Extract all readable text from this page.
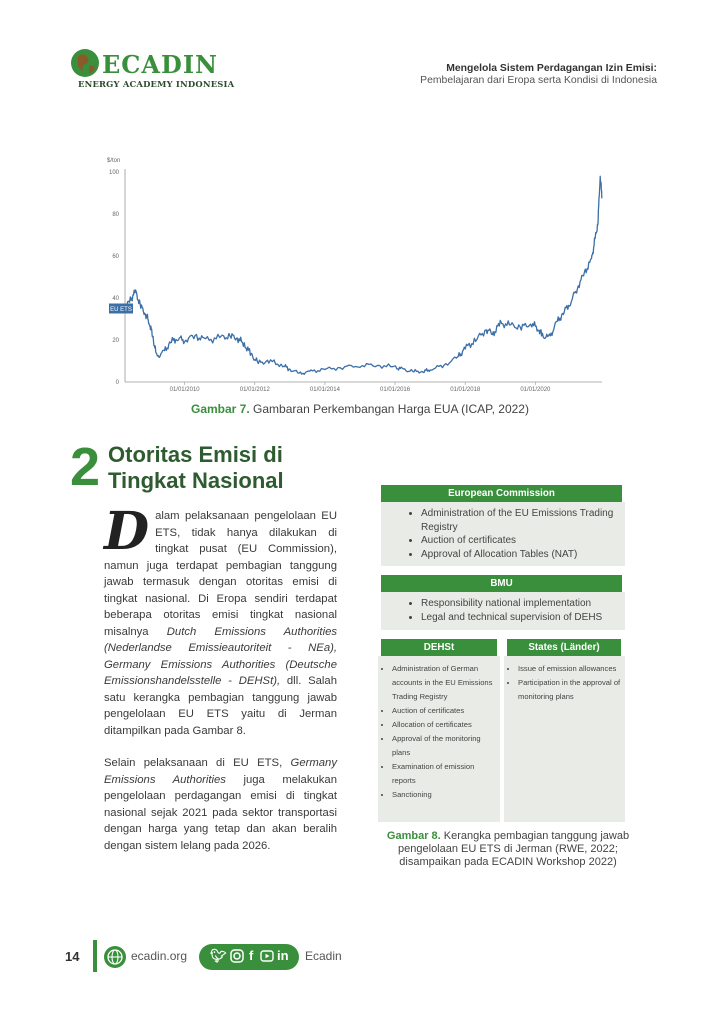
ECADIN
ENERGY ACADEMY INDONESIA
Mengelola Sistem Perdagangan Izin Emisi:
Pembelajaran dari Eropa serta Kondisi di Indonesia
$/ton
0
20
40
60
80
100
01/01/2010	01/01/2012	01/01/2014	01/01/2016	01/01/2018	01/01/2020
EU ETS
Gambar 7. Gambaran Perkembangan Harga EUA (ICAP, 2022)
2 Otoritas Emisi di
Tingkat Nasional

Dalam pelaksanaan pengelolaan EU ETS, tidak hanya dilakukan di tingkat pusat (EU Commission), namun juga terdapat pembagian tanggung jawab termasuk dengan otoritas emisi di tingkat nasional. Di Eropa sendiri terdapat beberapa otoritas emisi tingkat nasional misalnya Dutch Emissions Authorities (Nederlandse Emissieautoriteit - NEa), Germany Emissions Authorities (Deutsche Emissionshandelsstelle - DEHSt), dll. Salah satu kerangka pembagian tanggung jawab pengelolaan EU ETS yaitu di Jerman ditampilkan pada Gambar 8.

Selain pelaksanaan di EU ETS, Germany Emissions Authorities juga melakukan pengelolaan perdagangan emisi di tingkat nasional sejak 2021 pada sektor transportasi dengan harga yang tetap dan akan beralih dengan sistem lelang pada 2026.

European Commission
• Administration of the EU Emissions Trading Registry
• Auction of certificates
• Approval of Allocation Tables (NAT)
BMU
• Responsibility national implementation
• Legal and technical supervision of DEHS
DEHSt
• Administration of German accounts in the EU Emissions Trading Registry
• Auction of certificates
• Allocation of certificates
• Approval of the monitoring plans
• Examination of emission reports
• Sanctioning
States (Länder)
• Issue of emission allowances
• Participation in the approval of monitoring plans
Gambar 8. Kerangka pembagian tanggung jawab pengelolaan EU ETS di Jerman (RWE, 2022; disampaikan pada ECADIN Workshop 2022)
14	ecadin.org 🐦︎ f in Ecadin
